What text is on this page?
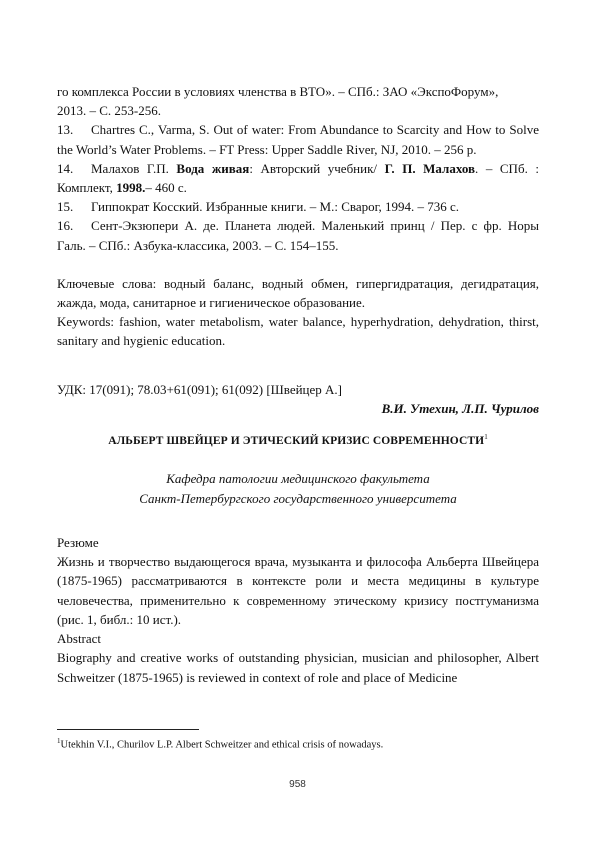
го комплекса России в условиях членства в ВТО». – СПб.: ЗАО «ЭкспоФорум»,
2013. – С. 253-256.

13. Chartres C., Varma, S. Out of water: From Abundance to Scarcity and How to Solve the World’s Water Problems. – FT Press: Upper Saddle River, NJ, 2010. – 256 p.

14. Малахов Г.П. Вода живая: Авторский учебник/ Г. П. Малахов. – СПб. : Комплект, 1998.– 460 с.

15. Гиппократ Косский. Избранные книги. – М.: Сварог, 1994. – 736 с.

16. Сент-Экзюпери А. де. Планета людей. Маленький принц / Пер. с фр. Норы Галь. – СПб.: Азбука-классика, 2003. – С. 154–155.

Ключевые слова: водный баланс, водный обмен, гипергидратация, дегидратация, жажда, мода, санитарное и гигиеническое образование.

Keywords: fashion, water metabolism, water balance, hyperhydration, dehydration, thirst, sanitary and hygienic education.

УДК: 17(091); 78.03+61(091); 61(092) [Швейцер А.]

В.И. Утехин, Л.П. Чурилов

АЛЬБЕРТ ШВЕЙЦЕР И ЭТИЧЕСКИЙ КРИЗИС СОВРЕМЕННОСТИ$^1$

Кафедра патологии медицинского факультета
Санкт-Петербургского государственного университета

Резюме

Жизнь и творчество выдающегося врача, музыканта и философа Альберта Швейцера (1875-1965) рассматриваются в контексте роли и места медицины в культуре человечества, применительно к современному этическому кризису постгуманизма (рис. 1, библ.: 10 ист.).

Abstract

Biography and creative works of outstanding physician, musician and philosopher, Albert Schweitzer (1875-1965) is reviewed in context of role and place of Medicine

$^1$Utekhin V.I., Churilov L.P. Albert Schweitzer and ethical crisis of nowadays.

958
